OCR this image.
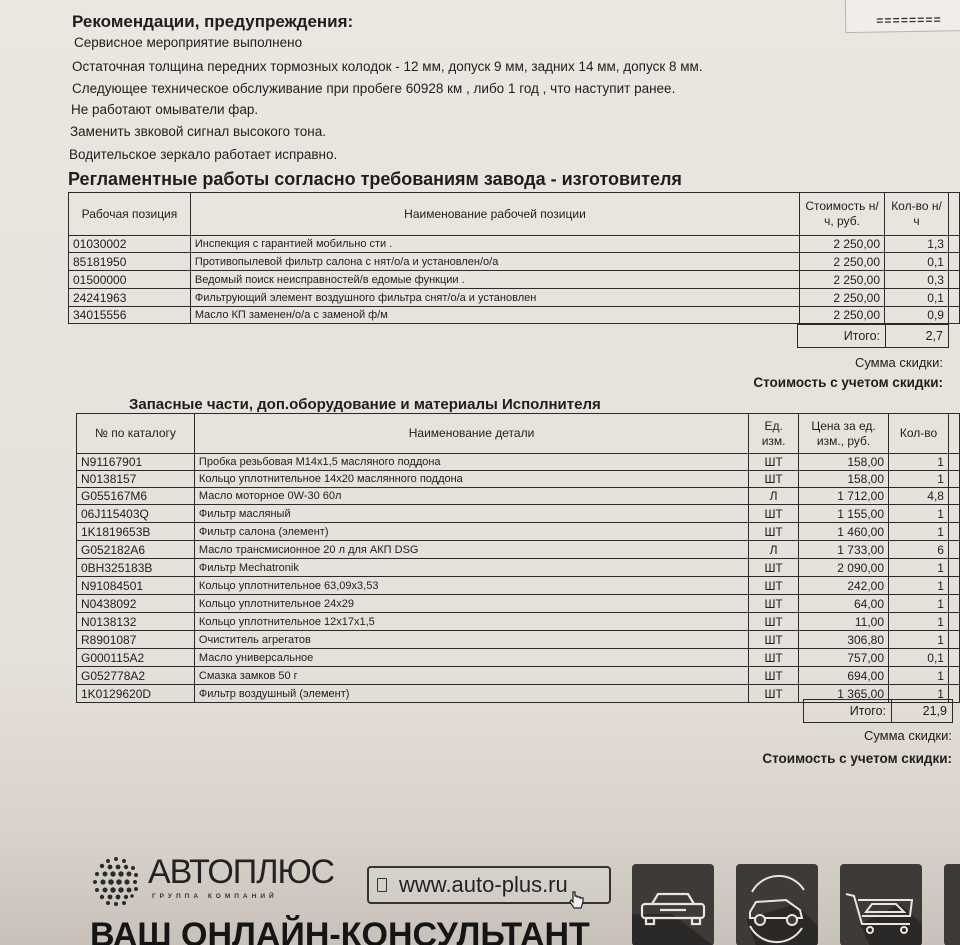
========
Рекомендации, предупреждения:
Сервисное мероприятие выполнено
Остаточная толщина передних тормозных колодок - 12 мм, допуск 9 мм, задних 14 мм, допуск 8 мм.
Следующее техническое обслуживание при пробеге 60928 км , либо 1 год , что наступит ранее.
Не работают омыватели фар.
Заменить звковой сигнал высокого тона.
Водительское зеркало работает исправно.
Регламентные работы согласно требованиям завода - изготовителя
Рабочая позиция	Наименование рабочей позиции	Стоимость н/ч, руб.	Кол-во н/ч	
01030002	Инспекция с гарантией мобильно сти .	2 250,00	1,3	
85181950	Противопылевой фильтр салона с нят/о/а и установлен/о/а	2 250,00	0,1	
01500000	Ведомый поиск неисправностей/в едомые функции .	2 250,00	0,3	
24241963	Фильтрующий элемент воздушного фильтра снят/о/а и установлен	2 250,00	0,1	
34015556	Масло КП заменен/о/а с заменой ф/м	2 250,00	0,9	
Итого:	2,7
Сумма скидки:
Стоимость с учетом скидки:
Запасные части, доп.оборудование и материалы Исполнителя
№ по каталогу	Наименование детали	Ед. изм.	Цена за ед. изм., руб.	Кол-во	
N91167901	Пробка резьбовая М14х1,5 масляного поддона	ШТ	158,00	1	
N0138157	Кольцо уплотнительное 14х20 маслянного поддона	ШТ	158,00	1	
G055167M6	Масло моторное 0W-30 60л	Л	1 712,00	4,8	
06J115403Q	Фильтр масляный	ШТ	1 155,00	1	
1K1819653B	Фильтр салона (элемент)	ШТ	1 460,00	1	
G052182A6	Масло трансмисионное 20 л для АКП DSG	Л	1 733,00	6	
0BH325183B	Фильтр Mechatronik	ШТ	2 090,00	1	
N91084501	Кольцо уплотнительное 63,09х3,53	ШТ	242,00	1	
N0438092	Кольцо уплотнительное 24х29	ШТ	64,00	1	
N0138132	Кольцо уплотнительное 12х17х1,5	ШТ	11,00	1	
R8901087	Очиститель агрегатов	ШТ	306,80	1	
G000115A2	Масло универсальное	ШТ	757,00	0,1	
G052778A2	Смазка замков 50 г	ШТ	694,00	1	
1K0129620D	Фильтр воздушный (элемент)	ШТ	1 365,00	1	
Итого:	21,9
Сумма скидки:
Стоимость с учетом скидки:
АВТОПЛЮС
ГРУППА КОМПАНИЙ	www.auto-plus.ru
ВАШ ОНЛАЙН-КОНСУЛЬТАНТ
